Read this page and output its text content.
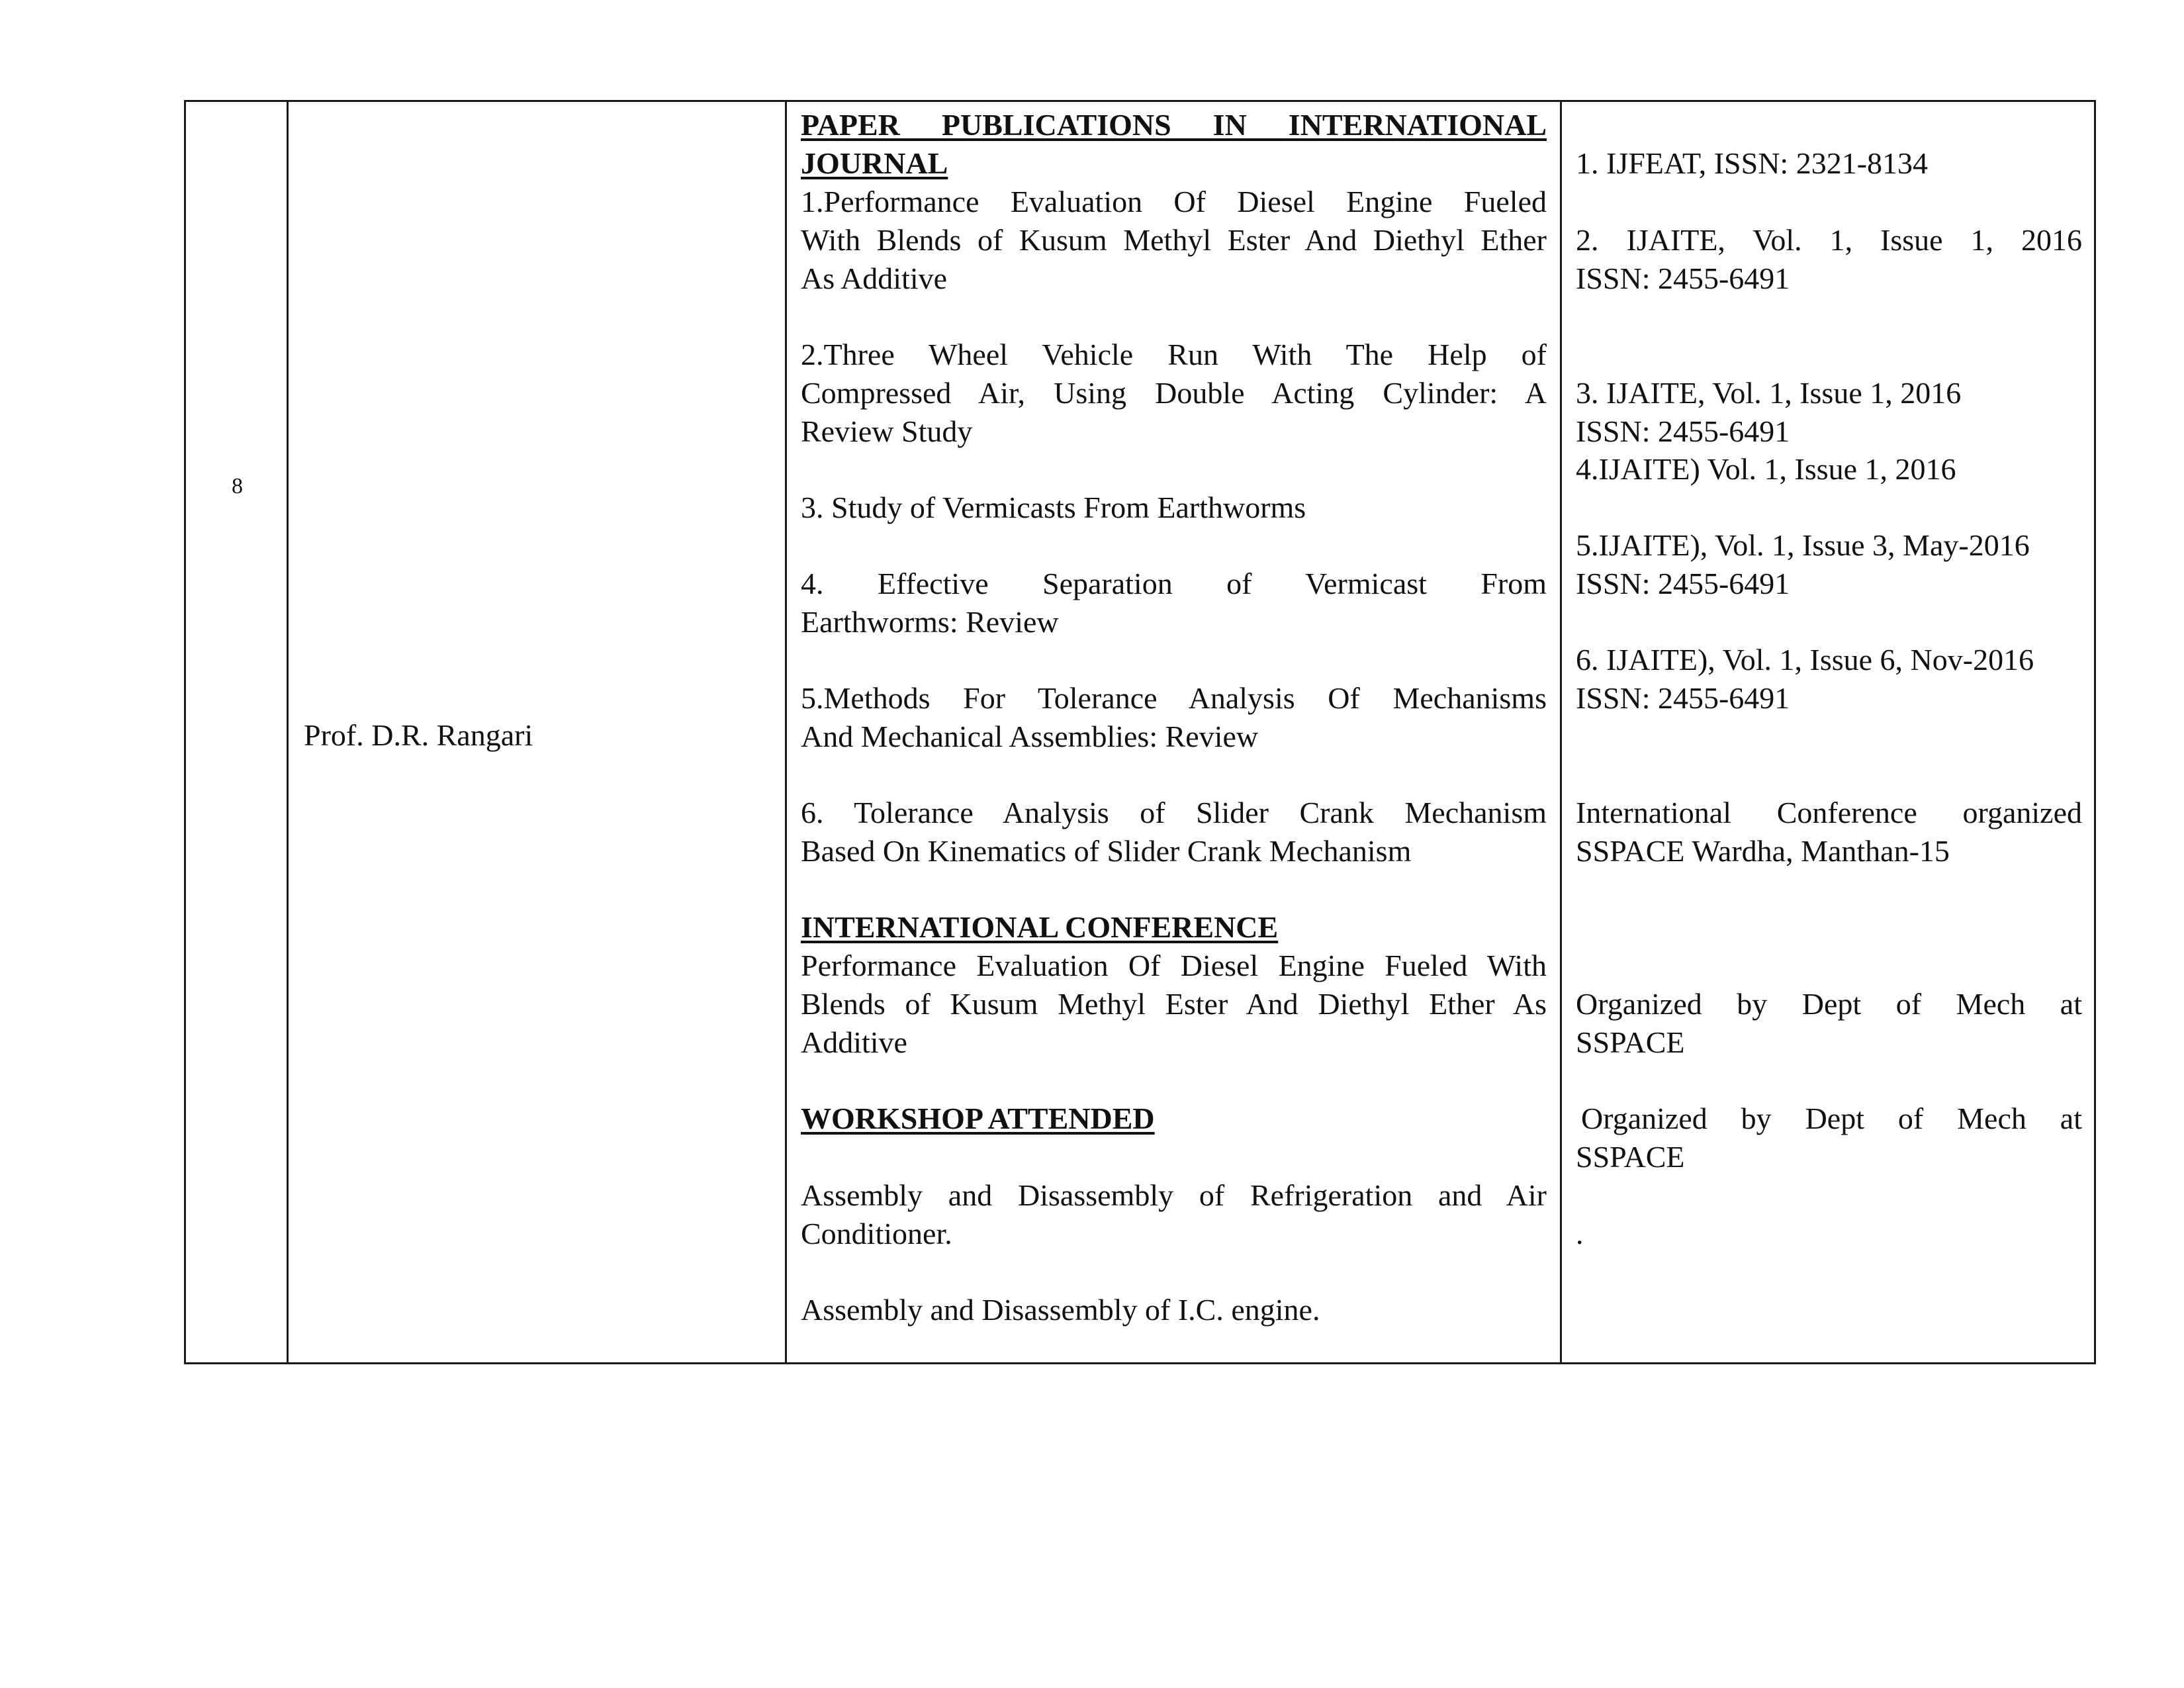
8
Prof. D.R. Rangari
PAPER PUBLICATIONS IN INTERNATIONAL
JOURNAL
1.Performance Evaluation Of Diesel Engine Fueled
With Blends of Kusum Methyl Ester And Diethyl Ether
As Additive
2.Three Wheel Vehicle Run With The Help of
Compressed Air, Using Double Acting Cylinder: A
Review Study
3. Study of Vermicasts From Earthworms
4. Effective Separation of Vermicast From
Earthworms: Review
5.Methods For Tolerance Analysis Of Mechanisms
And Mechanical Assemblies: Review
6. Tolerance Analysis of Slider Crank Mechanism
Based On Kinematics of Slider Crank Mechanism
INTERNATIONAL CONFERENCE
Performance Evaluation Of Diesel Engine Fueled With
Blends of Kusum Methyl Ester And Diethyl Ether As
Additive
WORKSHOP ATTENDED
Assembly and Disassembly of Refrigeration and Air
Conditioner.
Assembly and Disassembly of I.C. engine.
1. IJFEAT, ISSN: 2321-8134
2. IJAITE, Vol. 1, Issue 1, 2016
ISSN: 2455-6491
3. IJAITE, Vol. 1, Issue 1, 2016
ISSN: 2455-6491
4.IJAITE) Vol. 1, Issue 1, 2016
5.IJAITE), Vol. 1, Issue 3, May-2016
ISSN: 2455-6491
6. IJAITE), Vol. 1, Issue 6, Nov-2016
ISSN: 2455-6491
International Conference organized
SSPACE Wardha, Manthan-15
Organized by Dept of Mech at
SSPACE
Organized by Dept of Mech at
SSPACE
.
